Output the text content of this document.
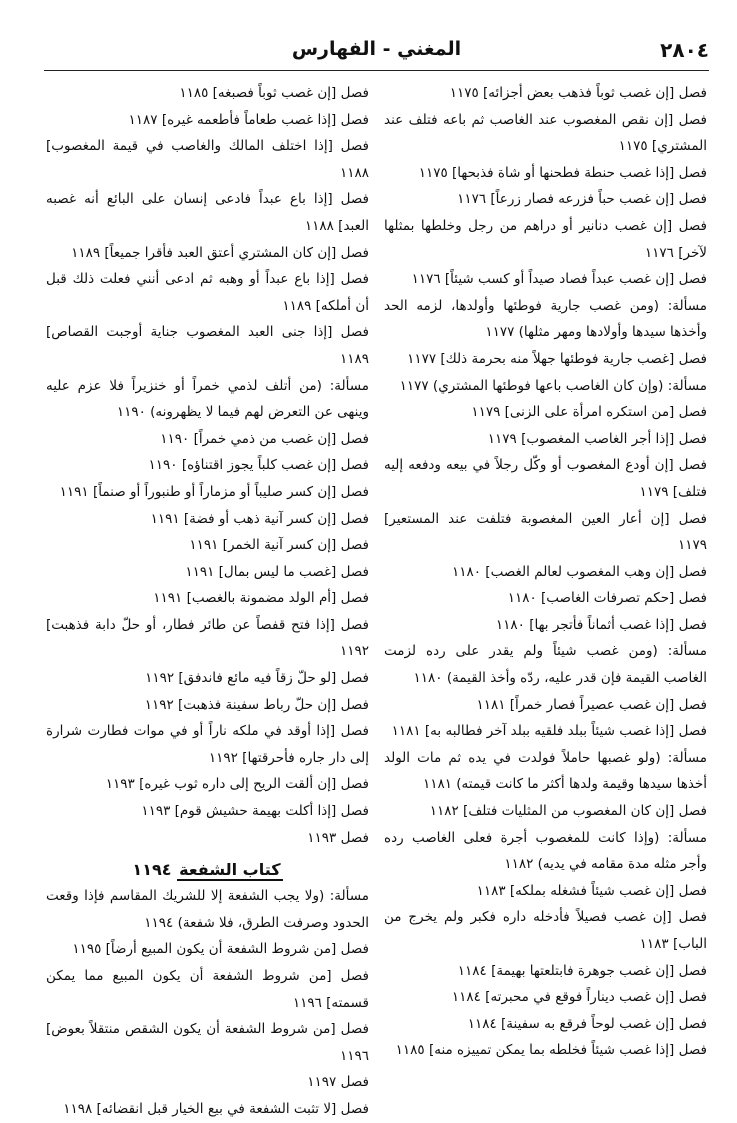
٢٨٠٤
المغني - الفهارس

فصل [إن غصب ثوباً فذهب بعض أجزائه] ١١٧٥

فصل [إن نقص المغصوب عند الغاصب ثم باعه فتلف عند المشتري] ١١٧٥

فصل [إذا غصب حنطة فطحنها أو شاة فذبحها] ١١٧٥

فصل [إن غصب حباً فزرعه فصار زرعاً] ١١٧٦

فصل [إن غصب دنانير أو دراهم من رجل وخلطها بمثلها لآخر] ١١٧٦

فصل [إن غصب عبداً فصاد صيداً أو كسب شيئاً] ١١٧٦

مسألة: (ومن غصب جارية فوطئها وأولدها، لزمه الحد وأخذها سيدها وأولادها ومهر مثلها) ١١٧٧

فصل [غصب جارية فوطئها جهلاً منه بحرمة ذلك] ١١٧٧

مسألة: (وإن كان الغاصب باعها فوطئها المشتري) ١١٧٧

فصل [من استكره امرأة على الزنى] ١١٧٩

فصل [إذا أجر الغاصب المغصوب] ١١٧٩

فصل [إن أودع المغصوب أو وكّل رجلاً في بيعه ودفعه إليه فتلف] ١١٧٩

فصل [إن أعار العين المغصوبة فتلفت عند المستعير] ١١٧٩

فصل [إن وهب المغصوب لعالم الغصب] ١١٨٠

فصل [حكم تصرفات الغاصب] ١١٨٠

فصل [إذا غصب أثماناً فأتجر بها] ١١٨٠

مسألة: (ومن غصب شيئاً ولم يقدر على رده لزمت الغاصب القيمة فإن قدر عليه، ردّه وأخذ القيمة) ١١٨٠

فصل [إن غصب عصيراً فصار خمراً] ١١٨١

فصل [إذا غصب شيئاً ببلد فلقيه ببلد آخر فطالبه به] ١١٨١

مسألة: (ولو غصبها حاملاً فولدت في يده ثم مات الولد أخذها سيدها وقيمة ولدها أكثر ما كانت قيمته) ١١٨١

فصل [إن كان المغصوب من المثليات فتلف] ١١٨٢

مسألة: (وإذا كانت للمغصوب أجرة فعلى الغاصب رده وأجر مثله مدة مقامه في يديه) ١١٨٢

فصل [إن غصب شيئاً فشغله بملكه] ١١٨٣

فصل [إن غصب فصيلاً فأدخله داره فكبر ولم يخرج من الباب] ١١٨٣

فصل [إن غصب جوهرة فابتلعتها بهيمة] ١١٨٤

فصل [إن غصب ديناراً فوقع في محبرته] ١١٨٤

فصل [إن غصب لوحاً فرقع به سفينة] ١١٨٤

فصل [إذا غصب شيئاً فخلطه بما يمكن تمييزه منه] ١١٨٥

فصل [إن غصب ثوباً فصبغه] ١١٨٥

فصل [إذا غصب طعاماً فأطعمه غيره] ١١٨٧

فصل [إذا اختلف المالك والغاصب في قيمة المغصوب] ١١٨٨

فصل [إذا باع عبداً فادعى إنسان على البائع أنه غصبه العبد] ١١٨٨

فصل [إن كان المشتري أعتق العبد فأقرا جميعاً] ١١٨٩

فصل [إذا باع عبداً أو وهبه ثم ادعى أنني فعلت ذلك قبل أن أملكه] ١١٨٩

فصل [إذا جنى العبد المغصوب جناية أوجبت القصاص] ١١٨٩

مسألة: (من أتلف لذمي خمراً أو خنزيراً فلا عزم عليه وينهى عن التعرض لهم فيما لا يظهرونه) ١١٩٠

فصل [إن غصب من ذمي خمراً] ١١٩٠

فصل [إن غصب كلباً يجوز اقتناؤه] ١١٩٠

فصل [إن كسر صليباً أو مزماراً أو طنبوراً أو صنماً] ١١٩١

فصل [إن كسر آنية ذهب أو فضة] ١١٩١

فصل [إن كسر آنية الخمر] ١١٩١

فصل [غصب ما ليس بمال] ١١٩١

فصل [أم الولد مضمونة بالغصب] ١١٩١

فصل [إذا فتح قفصاً عن طائر فطار، أو حلّ دابة فذهبت] ١١٩٢

فصل [لو حلّ زقاً فيه مائع فاندفق] ١١٩٢

فصل [إن حلّ رباط سفينة فذهبت] ١١٩٢

فصل [إذا أوقد في ملكه ناراً أو في موات فطارت شرارة إلى دار جاره فأحرقتها] ١١٩٢

فصل [إن ألقت الريح إلى داره ثوب غيره] ١١٩٣

فصل [إذا أكلت بهيمة حشيش قوم] ١١٩٣

فصل ١١٩٣

كتاب الشفعة ١١٩٤

مسألة: (ولا يجب الشفعة إلا للشريك المقاسم فإذا وقعت الحدود وصرفت الطرق، فلا شفعة) ١١٩٤

فصل [من شروط الشفعة أن يكون المبيع أرضاً] ١١٩٥

فصل [من شروط الشفعة أن يكون المبيع مما يمكن قسمته] ١١٩٦

فصل [من شروط الشفعة أن يكون الشقص منتقلاً بعوض] ١١٩٦

فصل ١١٩٧

فصل [لا تثبت الشفعة في بيع الخيار قبل انقضائه] ١١٩٨
